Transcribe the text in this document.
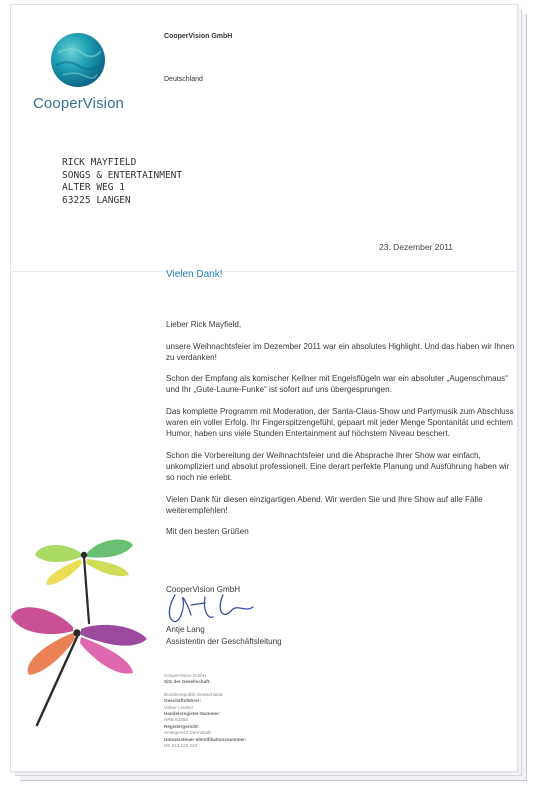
CooperVision
CooperVision GmbH
Deutschland
RICK MAYFIELD
SONGS & ENTERTAINMENT
ALTER WEG 1
63225 LANGEN
23. Dezember 2011
Vielen Dank!

Lieber Rick Mayfield,

unsere Weihnachtsfeier im Dezember 2011 war ein absolutes Highlight. Und das haben wir Ihnen zu verdanken!

Schon der Empfang als komischer Kellner mit Engelsflügeln war ein absoluter „Augenschmaus“ und Ihr „Gute-Laune-Funke“ ist sofort auf uns übergesprungen.

Das komplette Programm mit Moderation, der Santa-Claus-Show und Partymusik zum Abschluss waren ein voller Erfolg. Ihr Fingerspitzengefühl, gepaart mit jeder Menge Spontanität und echtem Humor, haben uns viele Stunden Entertainment auf höchstem Niveau beschert.

Schon die Vorbereitung der Weihnachtsfeier und die Absprache Ihrer Show war einfach, unkompliziert und absolut professionell. Eine derart perfekte Planung und Ausführung haben wir so noch nie erlebt.

Vielen Dank für diesen einzigartigen Abend. Wir werden Sie und Ihre Show auf alle Fälle weiterempfehlen!

Mit den besten Grüßen

CooperVision GmbH
Antje Lang
Assistentin der Geschäftsleitung
CooperVision GmbH
Sitz der Gesellschaft:
Bundesrepublik Deutschland
Geschäftsführer:
Volker Lindner
Handelsregister-Nummer:
HRB 83358
Registergericht:
Amtsgericht Darmstadt
Umsatzsteuer-Identifikationsnummer:
DE 813 122 224
